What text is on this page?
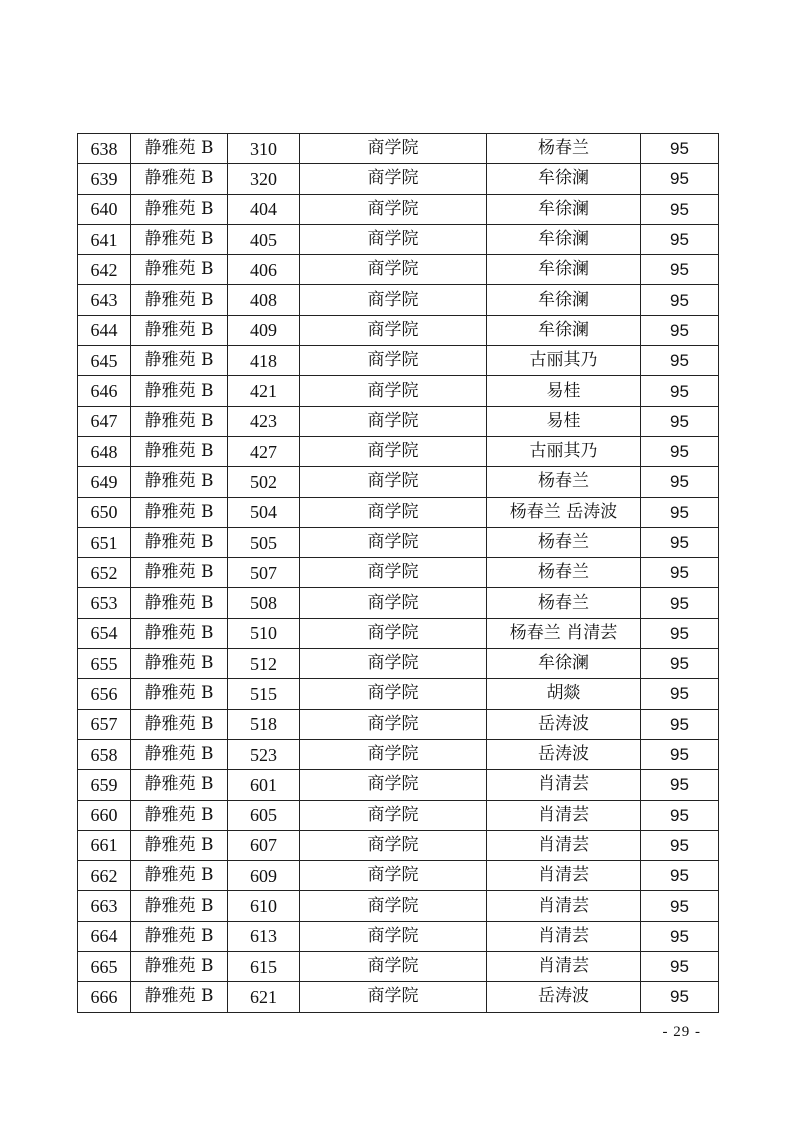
638	静雅苑 B	310	商学院	杨春兰	95
639	静雅苑 B	320	商学院	牟徐澜	95
640	静雅苑 B	404	商学院	牟徐澜	95
641	静雅苑 B	405	商学院	牟徐澜	95
642	静雅苑 B	406	商学院	牟徐澜	95
643	静雅苑 B	408	商学院	牟徐澜	95
644	静雅苑 B	409	商学院	牟徐澜	95
645	静雅苑 B	418	商学院	古丽其乃	95
646	静雅苑 B	421	商学院	易桂	95
647	静雅苑 B	423	商学院	易桂	95
648	静雅苑 B	427	商学院	古丽其乃	95
649	静雅苑 B	502	商学院	杨春兰	95
650	静雅苑 B	504	商学院	杨春兰 岳涛波	95
651	静雅苑 B	505	商学院	杨春兰	95
652	静雅苑 B	507	商学院	杨春兰	95
653	静雅苑 B	508	商学院	杨春兰	95
654	静雅苑 B	510	商学院	杨春兰 肖清芸	95
655	静雅苑 B	512	商学院	牟徐澜	95
656	静雅苑 B	515	商学院	胡燚	95
657	静雅苑 B	518	商学院	岳涛波	95
658	静雅苑 B	523	商学院	岳涛波	95
659	静雅苑 B	601	商学院	肖清芸	95
660	静雅苑 B	605	商学院	肖清芸	95
661	静雅苑 B	607	商学院	肖清芸	95
662	静雅苑 B	609	商学院	肖清芸	95
663	静雅苑 B	610	商学院	肖清芸	95
664	静雅苑 B	613	商学院	肖清芸	95
665	静雅苑 B	615	商学院	肖清芸	95
666	静雅苑 B	621	商学院	岳涛波	95
- 29 -
